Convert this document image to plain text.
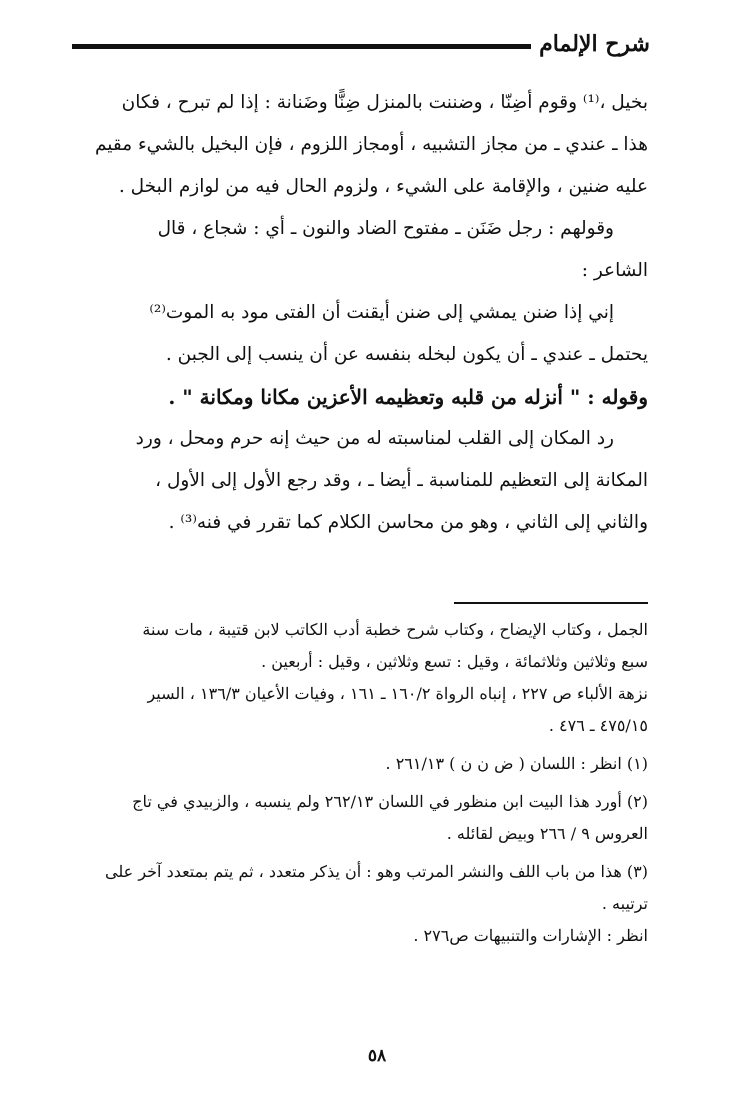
شرح الإلمام
بخيل ،⁽¹⁾ وقوم أضِنّا ، وضننت بالمنزل ضِنًّا وضَنانة : إذا لم تبرح ، فكان
هذا ـ عندي ـ من مجاز التشبيه ، أومجاز اللزوم ، فإن البخيل بالشيء مقيم
عليه ضنين ، والإقامة على الشيء ، ولزوم الحال فيه من لوازم البخل .
وقولهم : رجل ضَنَن ـ مفتوح الضاد والنون ـ أي : شجاع ، قال
الشاعر :
إني إذا ضنن يمشي إلى ضنن أيقنت أن الفتى مود به الموت⁽²⁾
يحتمل ـ عندي ـ أن يكون لبخله بنفسه عن أن ينسب إلى الجبن .
وقوله : " أنزله من قلبه وتعظيمه الأعزين مكانا ومكانة " .
رد المكان إلى القلب لمناسبته له من حيث إنه حرم ومحل ، ورد
المكانة إلى التعظيم للمناسبة ـ أيضا ـ ، وقد رجع الأول إلى الأول ،
والثاني إلى الثاني ، وهو من محاسن الكلام كما تقرر في فنه⁽³⁾ .
الجمل ، وكتاب الإيضاح ، وكتاب شرح خطبة أدب الكاتب لابن قتيبة ، مات سنة
سبع وثلاثين وثلاثمائة ، وقيل : تسع وثلاثين ، وقيل : أربعين .
نزهة الألباء ص ٢٢٧ ، إنباه الرواة ١٦٠/٢ ـ ١٦١ ، وفيات الأعيان ١٣٦/٣ ، السير
٤٧٥/١٥ ـ ٤٧٦ .
(١) انظر : اللسان ( ض ن ن ) ٢٦١/١٣ .
(٢) أورد هذا البيت ابن منظور في اللسان ٢٦٢/١٣ ولم ينسبه ، والزبيدي في تاج
العروس ٩ / ٢٦٦ وبيض لقائله .
(٣) هذا من باب اللف والنشر المرتب وهو : أن يذكر متعدد ، ثم يتم بمتعدد آخر على
ترتيبه .
انظر : الإشارات والتنبيهات ص٢٧٦ .
٥٨
